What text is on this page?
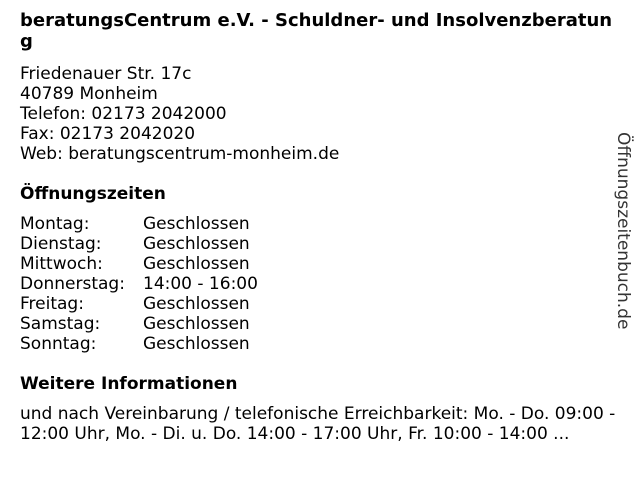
beratungsCentrum e.V. - Schuldner- und Insolvenzberatung
Friedenauer Str. 17c
40789 Monheim
Telefon: 02173 2042000
Fax: 02173 2042020
Web: beratungscentrum-monheim.de
Öffnungszeiten
Montag:	Geschlossen
Dienstag:	Geschlossen
Mittwoch:	Geschlossen
Donnerstag:	14:00 - 16:00
Freitag:	Geschlossen
Samstag:	Geschlossen
Sonntag:	Geschlossen
Weitere Informationen

und nach Vereinbarung / telefonische Erreichbarkeit: Mo. - Do. 09:00 - 12:00 Uhr, Mo. - Di. u. Do. 14:00 - 17:00 Uhr, Fr. 10:00 - 14:00 ...

Öffnungszeitenbuch.de
